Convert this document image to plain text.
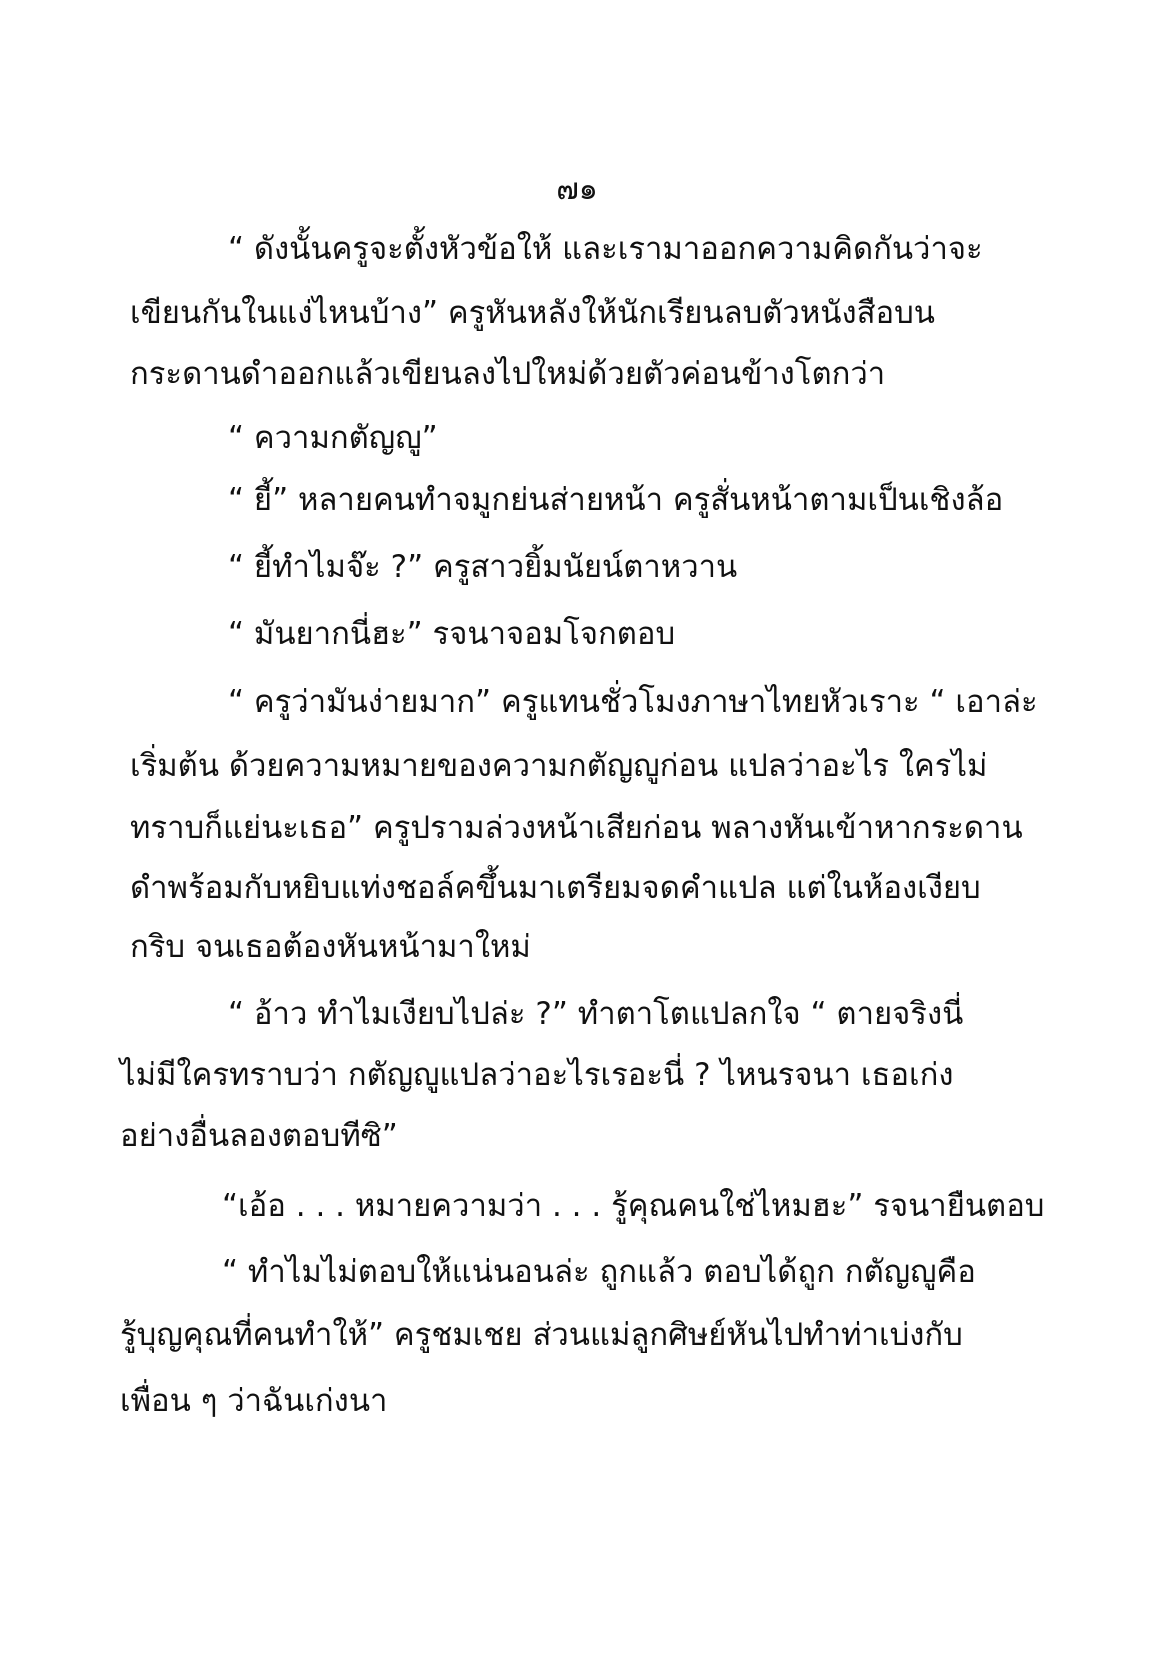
๗๑
“ ดังนั้นครูจะตั้งหัวข้อให้ และเรามาออกความคิดกันว่าจะ
เขียนกันในแง่ไหนบ้าง” ครูหันหลังให้นักเรียนลบตัวหนังสือบน
กระดานดำออกแล้วเขียนลงไปใหม่ด้วยตัวค่อนข้างโตกว่า
“ ความกตัญญู”
“ ยี้” หลายคนทำจมูกย่นส่ายหน้า ครูสั่นหน้าตามเป็นเชิงล้อ
“ ยี้ทำไมจ๊ะ ?” ครูสาวยิ้มนัยน์ตาหวาน
“ มันยากนี่ฮะ” รจนาจอมโจกตอบ
“ ครูว่ามันง่ายมาก” ครูแทนชั่วโมงภาษาไทยหัวเราะ “ เอาล่ะ
เริ่มต้น ด้วยความหมายของความกตัญญูก่อน แปลว่าอะไร ใครไม่
ทราบก็แย่นะเธอ” ครูปรามล่วงหน้าเสียก่อน พลางหันเข้าหากระดาน
ดำพร้อมกับหยิบแท่งชอล์คขึ้นมาเตรียมจดคำแปล แต่ในห้องเงียบ
กริบ จนเธอต้องหันหน้ามาใหม่
“ อ้าว ทำไมเงียบไปล่ะ ?” ทำตาโตแปลกใจ “ ตายจริงนี่
ไม่มีใครทราบว่า กตัญญูแปลว่าอะไรเรอะนี่ ? ไหนรจนา เธอเก่ง
อย่างอื่นลองตอบทีซิ”
“เอ้อ . . . หมายความว่า . . . รู้คุณคนใช่ไหมฮะ” รจนายืนตอบ
“ ทำไมไม่ตอบให้แน่นอนล่ะ ถูกแล้ว ตอบได้ถูก กตัญญูคือ
รู้บุญคุณที่คนทำให้” ครูชมเชย ส่วนแม่ลูกศิษย์หันไปทำท่าเบ่งกับ
เพื่อน ๆ ว่าฉันเก่งนา
